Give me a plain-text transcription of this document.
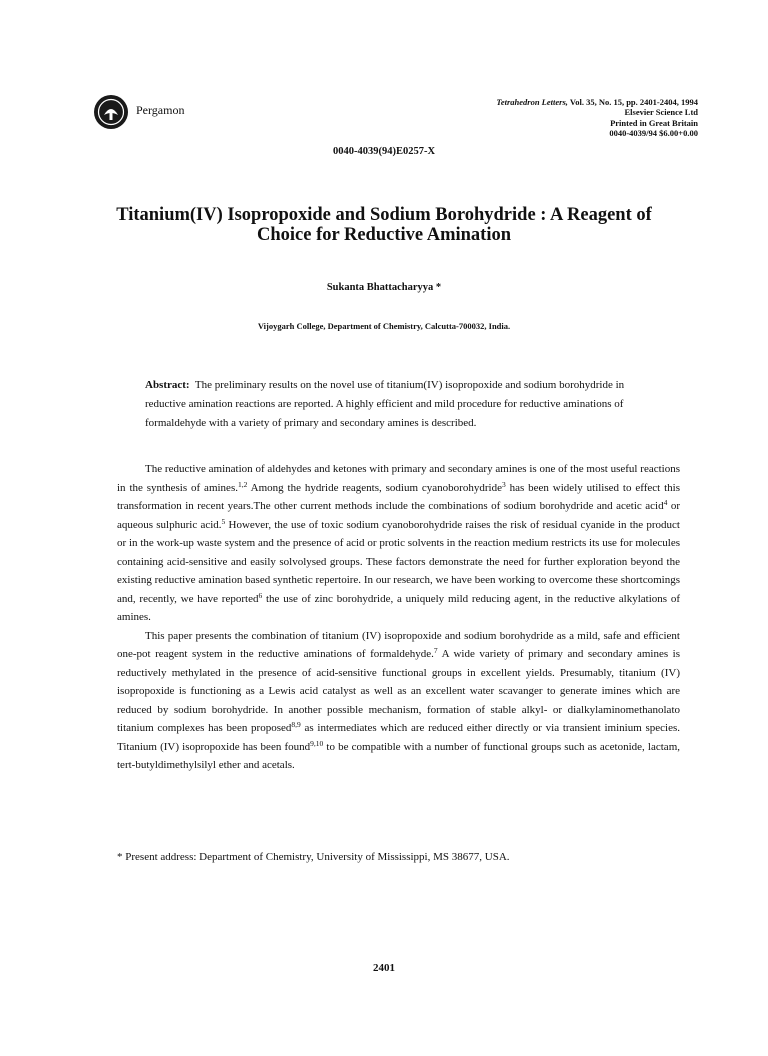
Pergamon
Tetrahedron Letters, Vol. 35, No. 15, pp. 2401-2404, 1994
Elsevier Science Ltd
Printed in Great Britain
0040-4039/94 $6.00+0.00
0040-4039(94)E0257-X
Titanium(IV) Isopropoxide and Sodium Borohydride : A Reagent of Choice for Reductive Amination
Sukanta Bhattacharyya *
Vijoygarh College, Department of Chemistry, Calcutta-700032, India.
Abstract: The preliminary results on the novel use of titanium(IV) isopropoxide and sodium borohydride in reductive amination reactions are reported. A highly efficient and mild procedure for reductive aminations of formaldehyde with a variety of primary and secondary amines is described.

The reductive amination of aldehydes and ketones with primary and secondary amines is one of the most useful reactions in the synthesis of amines.$^{1,2}$ Among the hydride reagents, sodium cyanoborohydride$^3$ has been widely utilised to effect this transformation in recent years.The other current methods include the combinations of sodium borohydride and acetic acid$^4$ or aqueous sulphuric acid.$^5$ However, the use of toxic sodium cyanoborohydride raises the risk of residual cyanide in the product or in the work-up waste system and the presence of acid or protic solvents in the reaction medium restricts its use for molecules containing acid-sensitive and easily solvolysed groups. These factors demonstrate the need for further exploration beyond the existing reductive amination based synthetic repertoire. In our research, we have been working to overcome these shortcomings and, recently, we have reported$^6$ the use of zinc borohydride, a uniquely mild reducing agent, in the reductive alkylations of amines.

This paper presents the combination of titanium (IV) isopropoxide and sodium borohydride as a mild, safe and efficient one-pot reagent system in the reductive aminations of formaldehyde.$^7$ A wide variety of primary and secondary amines is reductively methylated in the presence of acid-sensitive functional groups in excellent yields. Presumably, titanium (IV) isopropoxide is functioning as a Lewis acid catalyst as well as an excellent water scavanger to generate imines which are reduced by sodium borohydride. In another possible mechanism, formation of stable alkyl- or dialkylaminomethanolato titanium complexes has been proposed$^{8,9}$ as intermediates which are reduced either directly or via transient iminium species. Titanium (IV) isopropoxide has been found$^{9,10}$ to be compatible with a number of functional groups such as acetonide, lactam, tert-butyldimethylsilyl ether and acetals.

* Present address: Department of Chemistry, University of Mississippi, MS 38677, USA.
2401
